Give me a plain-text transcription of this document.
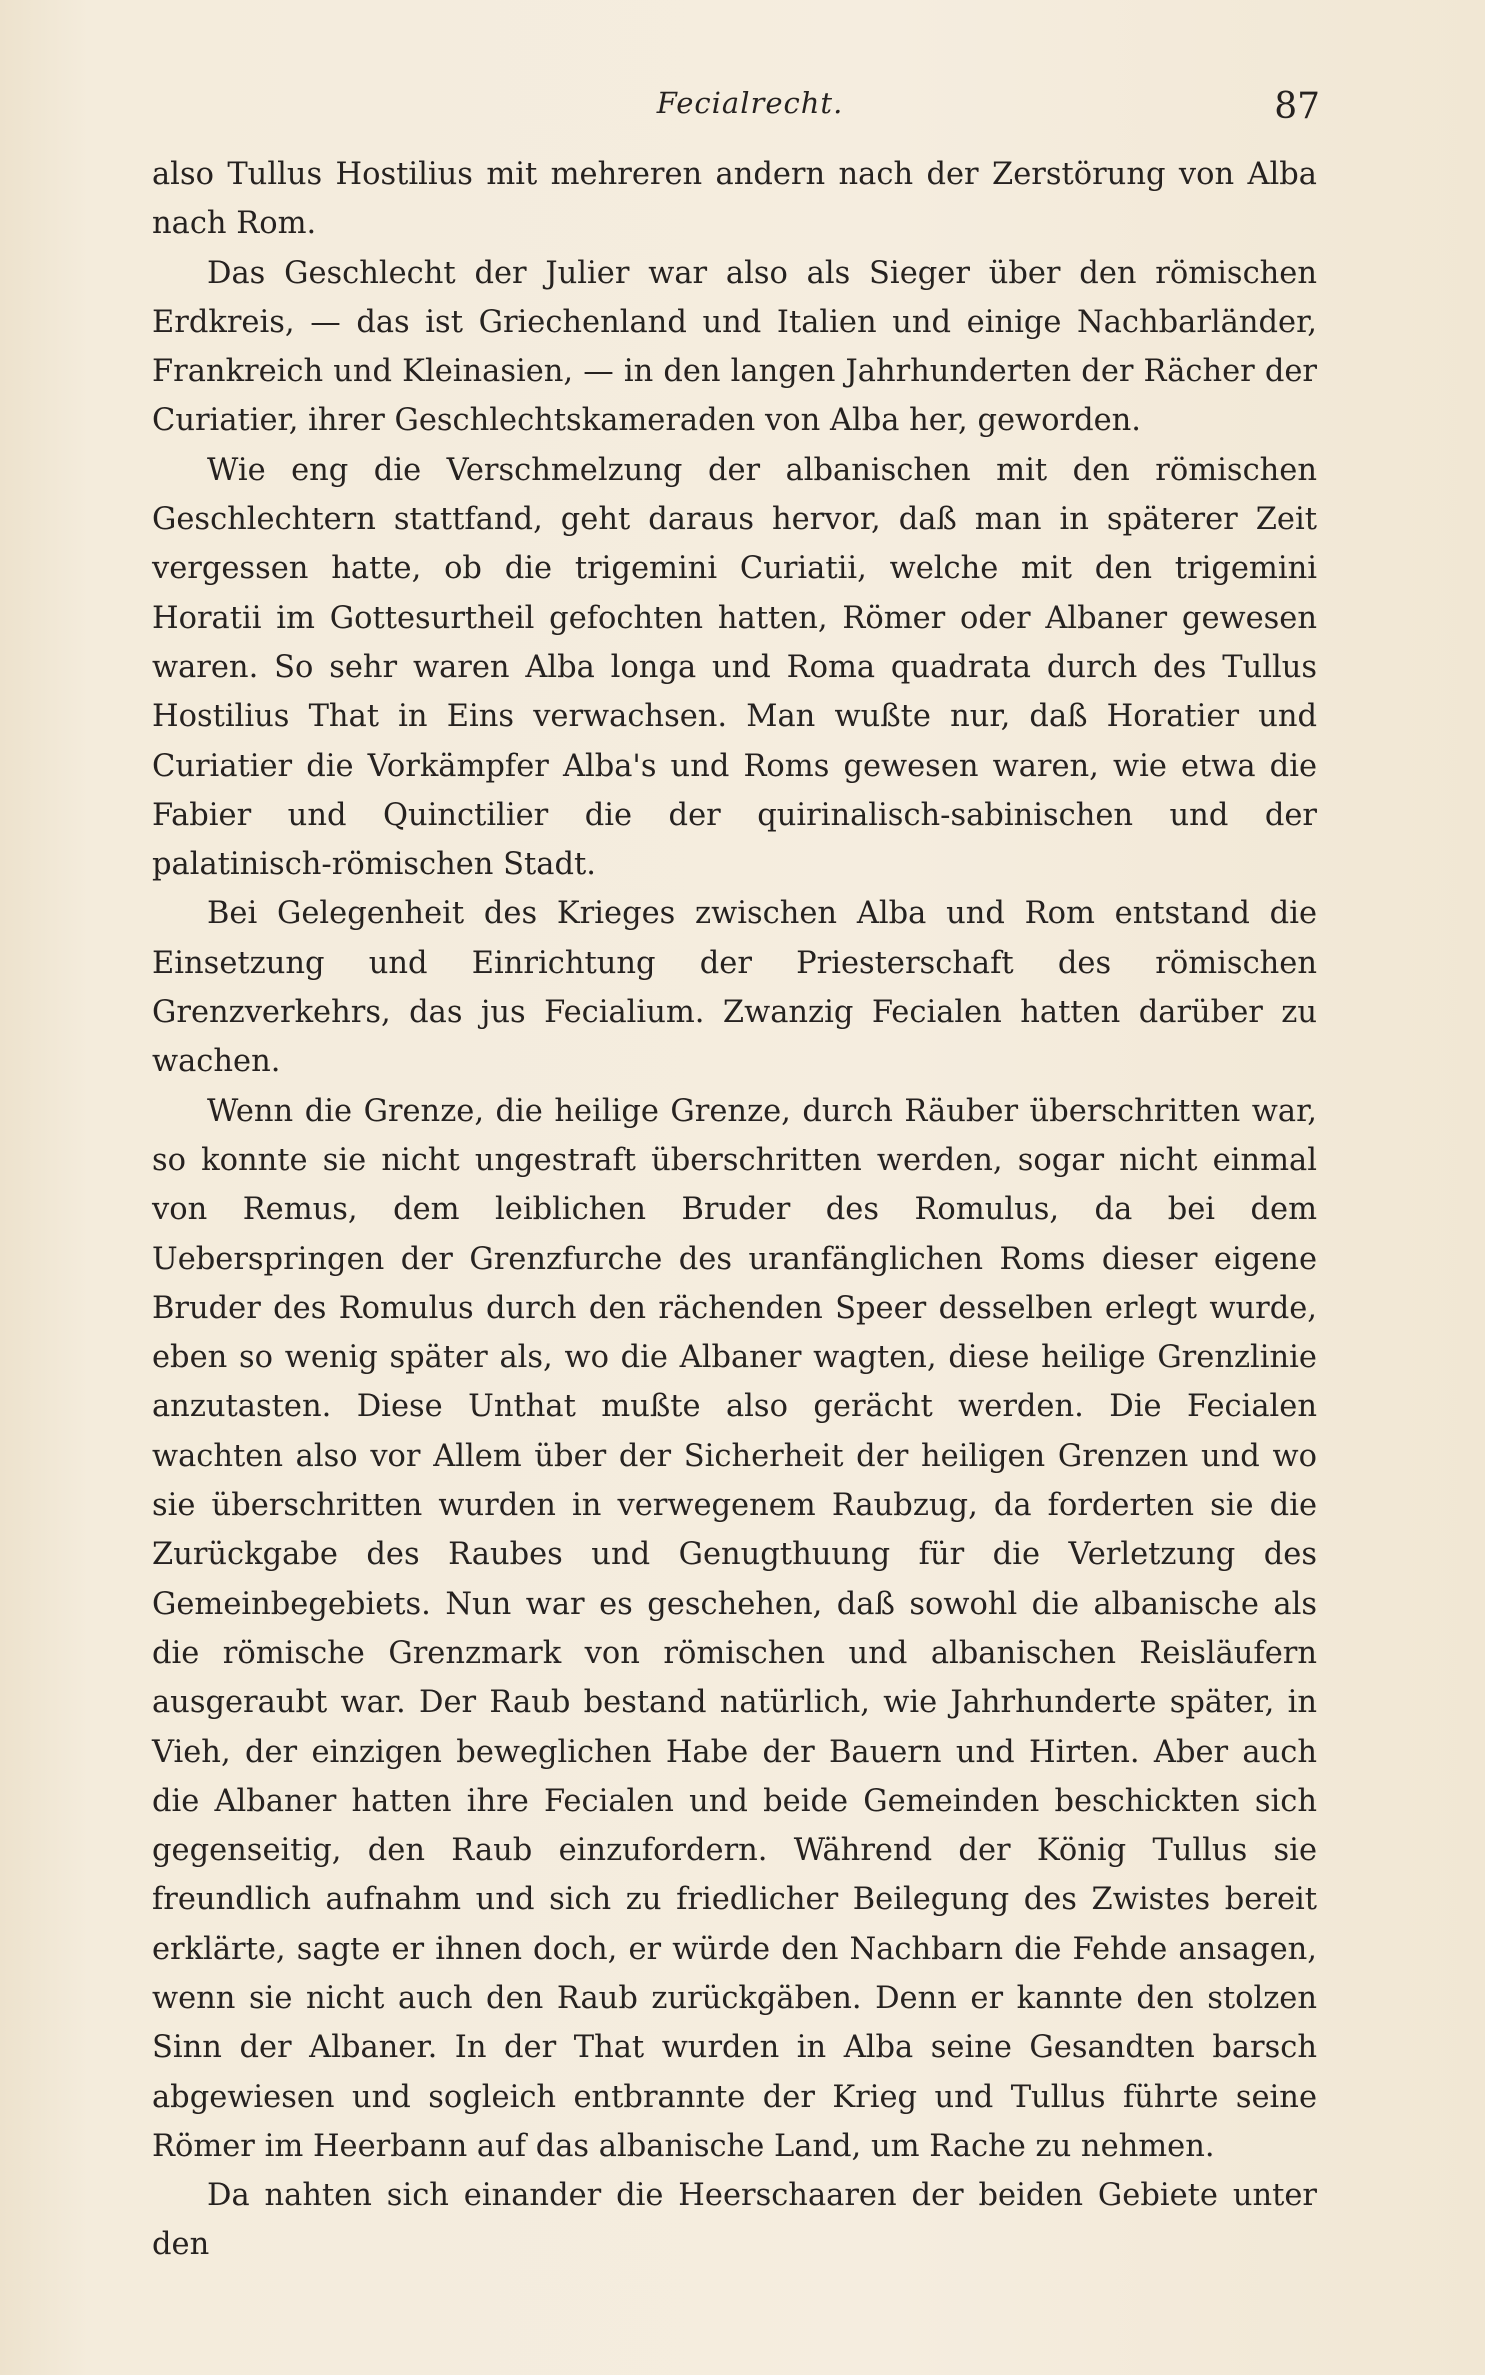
Fecialrecht.	87

also Tullus Hostilius mit mehreren andern nach der Zerstörung von Alba nach Rom.

Das Geschlecht der Julier war also als Sieger über den römischen Erdkreis, — das ist Griechenland und Italien und einige Nachbarländer, Frankreich und Kleinasien, — in den langen Jahrhunderten der Rächer der Curiatier, ihrer Geschlechtskameraden von Alba her, geworden.

Wie eng die Verschmelzung der albanischen mit den römischen Geschlechtern stattfand, geht daraus hervor, daß man in späterer Zeit vergessen hatte, ob die trigemini Curiatii, welche mit den trigemini Horatii im Gottesurtheil gefochten hatten, Römer oder Albaner gewesen waren. So sehr waren Alba longa und Roma quadrata durch des Tullus Hostilius That in Eins verwachsen. Man wußte nur, daß Horatier und Curiatier die Vorkämpfer Alba's und Roms gewesen waren, wie etwa die Fabier und Quinctilier die der quirinalisch-sabinischen und der palatinisch-römischen Stadt.

Bei Gelegenheit des Krieges zwischen Alba und Rom entstand die Einsetzung und Einrichtung der Priesterschaft des römischen Grenzverkehrs, das jus Fecialium. Zwanzig Fecialen hatten darüber zu wachen.

Wenn die Grenze, die heilige Grenze, durch Räuber überschritten war, so konnte sie nicht ungestraft überschritten werden, sogar nicht einmal von Remus, dem leiblichen Bruder des Romulus, da bei dem Ueberspringen der Grenzfurche des uranfänglichen Roms dieser eigene Bruder des Romulus durch den rächenden Speer desselben erlegt wurde, eben so wenig später als, wo die Albaner wagten, diese heilige Grenzlinie anzutasten. Diese Unthat mußte also gerächt werden. Die Fecialen wachten also vor Allem über der Sicherheit der heiligen Grenzen und wo sie überschritten wurden in verwegenem Raubzug, da forderten sie die Zurückgabe des Raubes und Genugthuung für die Verletzung des Gemeinbegebiets. Nun war es geschehen, daß sowohl die albanische als die römische Grenzmark von römischen und albanischen Reisläufern ausgeraubt war. Der Raub bestand natürlich, wie Jahrhunderte später, in Vieh, der einzigen beweglichen Habe der Bauern und Hirten. Aber auch die Albaner hatten ihre Fecialen und beide Gemeinden beschickten sich gegenseitig, den Raub einzufordern. Während der König Tullus sie freundlich aufnahm und sich zu friedlicher Beilegung des Zwistes bereit erklärte, sagte er ihnen doch, er würde den Nachbarn die Fehde ansagen, wenn sie nicht auch den Raub zurückgäben. Denn er kannte den stolzen Sinn der Albaner. In der That wurden in Alba seine Gesandten barsch abgewiesen und sogleich entbrannte der Krieg und Tullus führte seine Römer im Heerbann auf das albanische Land, um Rache zu nehmen.

Da nahten sich einander die Heerschaaren der beiden Gebiete unter den
